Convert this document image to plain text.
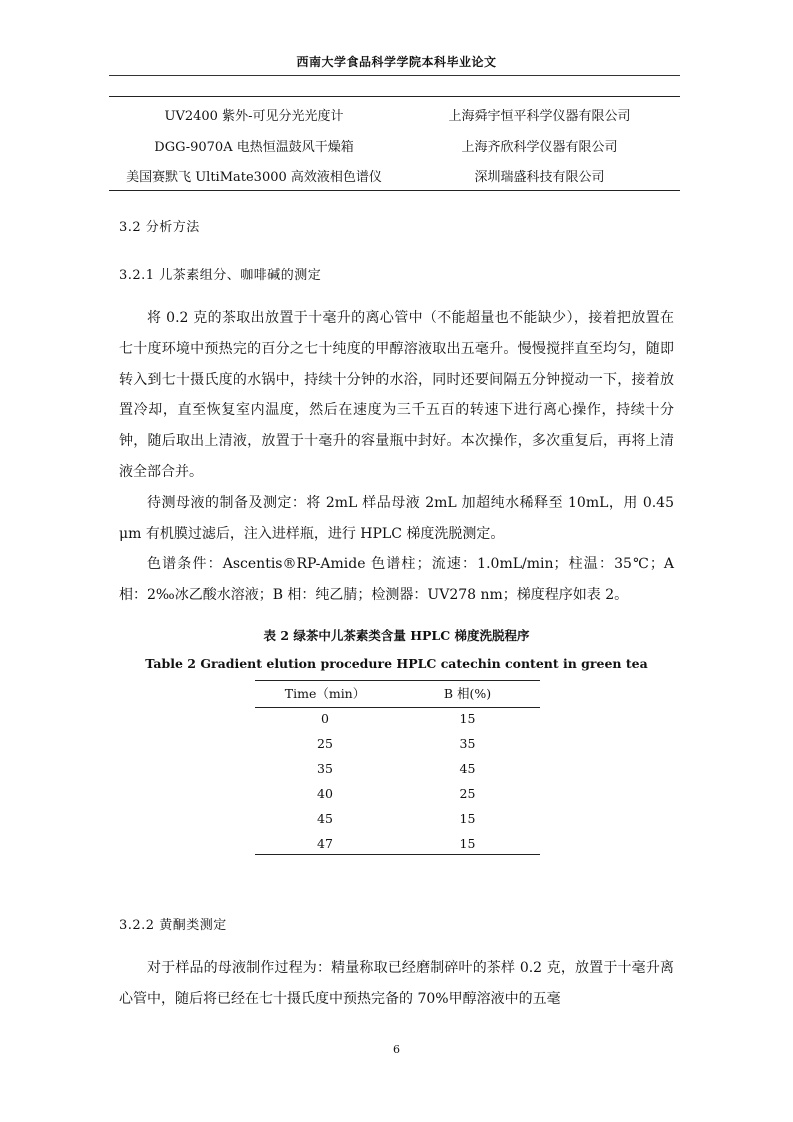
西南大学食品科学学院本科毕业论文
UV2400 紫外-可见分光光度计	上海舜宇恒平科学仪器有限公司
DGG-9070A 电热恒温鼓风干燥箱	上海齐欣科学仪器有限公司
美国赛默飞 UltiMate3000 高效液相色谱仪	深圳瑞盛科技有限公司
3.2 分析方法
3.2.1 儿茶素组分、咖啡碱的测定

将 0.2 克的茶取出放置于十毫升的离心管中（不能超量也不能缺少），接着把放置在七十度环境中预热完的百分之七十纯度的甲醇溶液取出五毫升。慢慢搅拌直至均匀，随即转入到七十摄氏度的水锅中，持续十分钟的水浴，同时还要间隔五分钟搅动一下，接着放置冷却，直至恢复室内温度，然后在速度为三千五百的转速下进行离心操作，持续十分钟，随后取出上清液，放置于十毫升的容量瓶中封好。本次操作，多次重复后，再将上清液全部合并。

待测母液的制备及测定：将 2mL 样品母液 2mL 加超纯水稀释至 10mL，用 0.45 μm 有机膜过滤后，注入进样瓶，进行 HPLC 梯度洗脱测定。

色谱条件：Ascentis®RP-Amide 色谱柱；流速：1.0mL/min；柱温：35℃；A 相：2‰冰乙酸水溶液；B 相：纯乙腈；检测器：UV278 nm；梯度程序如表 2。

表 2 绿茶中儿茶素类含量 HPLC 梯度洗脱程序
Table 2 Gradient elution procedure HPLC catechin content in green tea
Time（min）	B 相(%)
0	15
25	35
35	45
40	25
45	15
47	15
3.2.2 黄酮类测定

对于样品的母液制作过程为：精量称取已经磨制碎叶的茶样 0.2 克，放置于十毫升离心管中，随后将已经在七十摄氏度中预热完备的 70%甲醇溶液中的五毫

6
